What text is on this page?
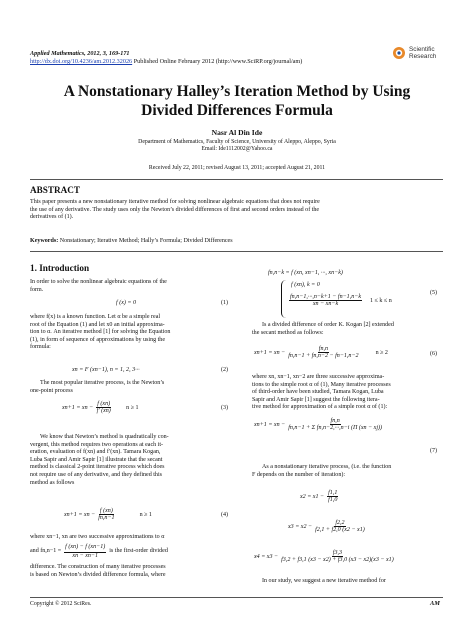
Applied Mathematics, 2012, 3, 169-171
http://dx.doi.org/10.4236/am.2012.32026 Published Online February 2012 (http://www.SciRP.org/journal/am)
Scientific
Research
A Nonstationary Halley’s Iteration Method by Using
Divided Differences Formula
Nasr Al Din Ide
Department of Mathematics, Faculty of Science, University of Aleppo, Aleppo, Syria
Email: Ide1112002@Yahoo.ca
Received July 22, 2011; revised August 13, 2011; accepted August 21, 2011
ABSTRACT
This paper presents a new nonstationary iterative method for solving nonlinear algebraic equations that does not require
the use of any derivative. The study uses only the Newton’s divided differences of first and second orders instead of the
derivatives of (1).
Keywords: Nonstationary; Iterative Method; Hally’s Formula; Divided Differences
1. Introduction
In order to solve the nonlinear algebraic equations of the
form.
f (x) = 0	(1)
where f(x) is a known function. Let α be a simple real
root of the Equation (1) and let x0 an initial approxima-
tion to α. An iterative method [1] for solving the Equation
(1), in form of sequence of approximations by using the
formula:
xn = F (xn−1), n = 1, 2, 3···	(2)
The most popular iterative process, is the Newton’s
one-point process
xn+1 = xn − $\frac{f (xn)}{f' (xn)}$ n ≥ 1	(3)
We know that Newton’s method is quadratically con-
vergent, this method requires two operations at each it-
eration, evaluation of f(xn) and f′(xn). Tamara Kogan,
Luba Sapir and Amir Sapir [1] illustrate that the secant
method is classical 2-point iterative process which does
not require use of any derivative, and they defined this
method as follows
xn+1 = xn − $\frac{f (xn)}{fn,n-1}$	n ≥ 1	(4)
where xn−1, xn are two successive approximations to α
and $fn,n-1 = \frac{f (xn) - f (xn-1)}{xn - xn-1}$ is the first-order divided
difference. The construction of many iterative processes
is based on Newton’s divided difference formula, where
fn,n−k = f (xn, xn−1, ···, xn−k)
f (xn), k = 0
$\frac{fn,n-1,\cdot\cdot\cdot,n-k+1 - fn-1,n-k}{xn - xn-k} 1 \le k \le n$
(5)
Is a divided difference of order K. Kogan [2] extended
the secant method as follows:
xn+1 = xn − $\frac{fn,n}{fn,n-1 + fn,n-2 - fn-1,n-2}$	n ≥ 2	(6)
where xn, xn−1, xn−2 are three successive approxima-
tions to the simple root α of (1), Many iterative processes
of third-order have been studied, Tamara Kogan, Luba
Sapir and Amir Sapir [1] suggest the following itera-
tive method for approximation of a simple root α of (1):
xn+1 = xn − $\frac{fn,n}{\text{fn,n−1 + Σ fn,n−2,···,n−i (Π (xn − xj))}}$
(7)
As a nonstationary iterative process, (i.e. the function
F depends on the number of iteration):
$x2 = x1 - \frac{f1,1}{f1,0}$
$x3 = x2 - \frac{f2,2}{f2,1 + f2,0 (x2 - x1)}$
$x4 = x3 - \frac{f3,3}{f3,2 + f3,1 (x3 - x2) + f3,0 (x3 - x2)(x3 - x1)}$
In our study, we suggest a new iterative method for
Copyright © 2012 SciRes.	AM
